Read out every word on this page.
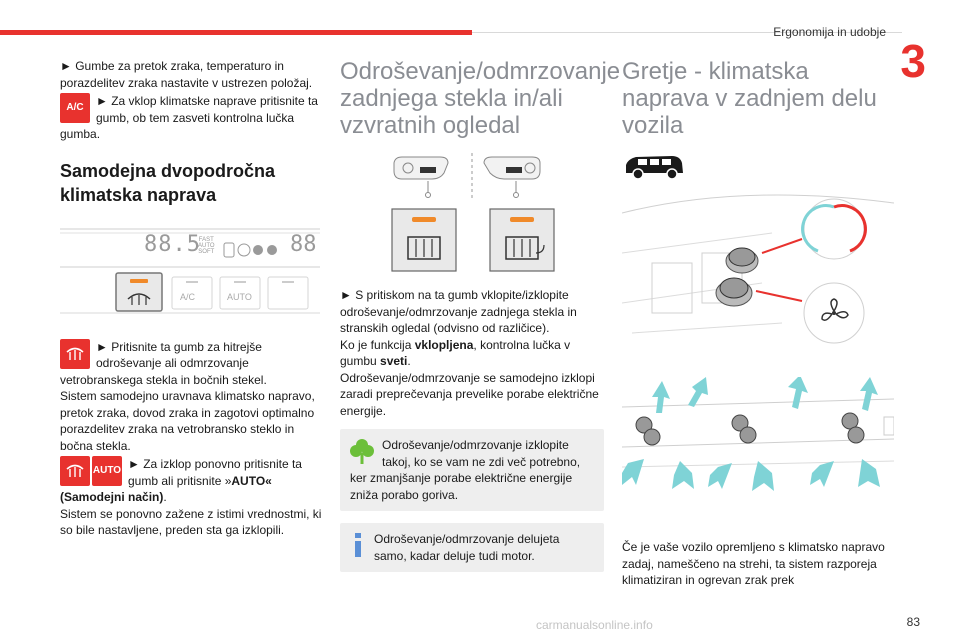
Ergonomija in udobje
3

► Gumbe za pretok zraka, temperaturo in porazdelitev zraka nastavite v ustrezen položaj.

A/C	► Za vklop klimatske naprave pritisnite ta gumb, ob tem zasveti kontrolna lučka gumba.

Samodejna dvopodročna klimatska naprava
88.5
FAST
AUTO
SOFT	88
A/C	AUTO

► Pritisnite ta gumb za hitrejše odroševanje ali odmrzovanje vetrobranskega stekla in bočnih stekel.

Sistem samodejno uravnava klimatsko napravo, pretok zraka, dovod zraka in zagotovi optimalno porazdelitev zraka na vetrobransko steklo in bočna stekla.

AUTO ► Za izklop ponovno pritisnite ta gumb ali pritisnite »AUTO« (Samodejni način).

Sistem se ponovno zažene z istimi vrednostmi, ki so bile nastavljene, preden sta ga izklopili.

Odroševanje/odmrzovanje zadnjega stekla in/ali vzvratnih ogledal

► S pritiskom na ta gumb vklopite/izklopite odroševanje/odmrzovanje zadnjega stekla in stranskih ogledal (odvisno od različice).

Ko je funkcija vklopljena, kontrolna lučka v gumbu sveti.

Odroševanje/odmrzovanje se samodejno izklopi zaradi preprečevanja prevelike porabe električne energije.

Odroševanje/odmrzovanje izklopite takoj, ko se vam ne zdi več potrebno, ker zmanjšanje porabe električne energije zniža porabo goriva.
Odroševanje/odmrzovanje delujeta samo, kadar deluje tudi motor.
Gretje - klimatska naprava v zadnjem delu vozila

Če je vaše vozilo opremljeno s klimatsko napravo zadaj, nameščeno na strehi, ta sistem razporeja klimatiziran in ogrevan zrak prek

carmanualsonline.info	83
